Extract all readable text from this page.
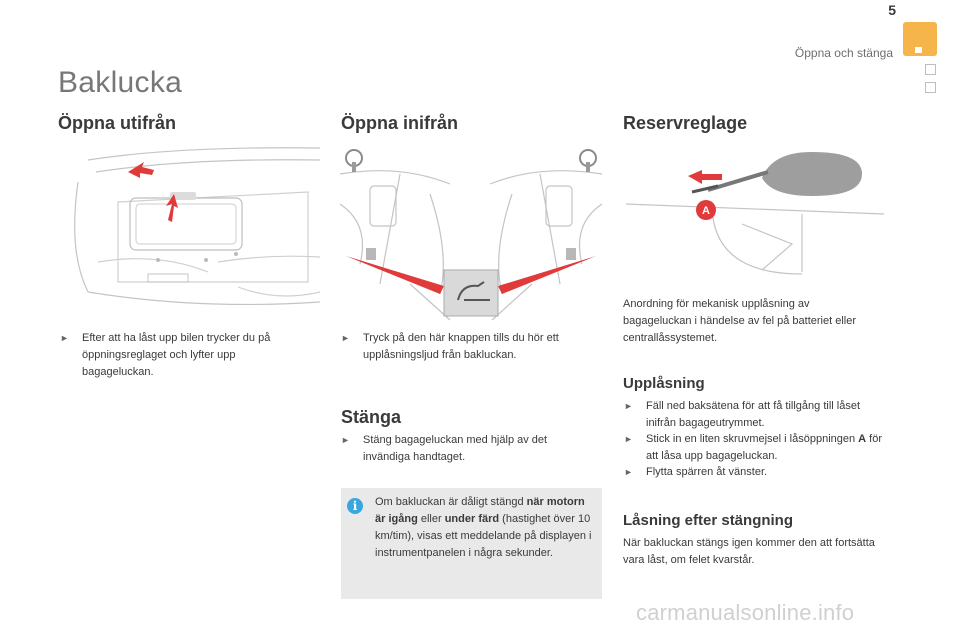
5
Öppna och stänga
Baklucka
Öppna utifrån
►	Efter att ha låst upp bilen trycker du på öppningsreglaget och lyfter upp bagageluckan.
Öppna inifrån
►	Tryck på den här knappen tills du hör ett upplåsningsljud från bakluckan.
Stänga
►	Stäng bagageluckan med hjälp av det invändiga handtaget.
i	Om bakluckan är dåligt stängd när motorn är igång eller under färd (hastighet över 10 km/tim), visas ett meddelande på displayen i instrumentpanelen i några sekunder.
Reservreglage
A
Anordning för mekanisk upplåsning av bagageluckan i händelse av fel på batteriet eller centrallåssystemet.
Upplåsning
►	Fäll ned baksätena för att få tillgång till låset inifrån bagageutrymmet.
►	Stick in en liten skruvmejsel i låsöppningen A för att låsa upp bagageluckan.
►	Flytta spärren åt vänster.
Låsning efter stängning
När bakluckan stängs igen kommer den att fortsätta vara låst, om felet kvarstår.
carmanualsonline.info
